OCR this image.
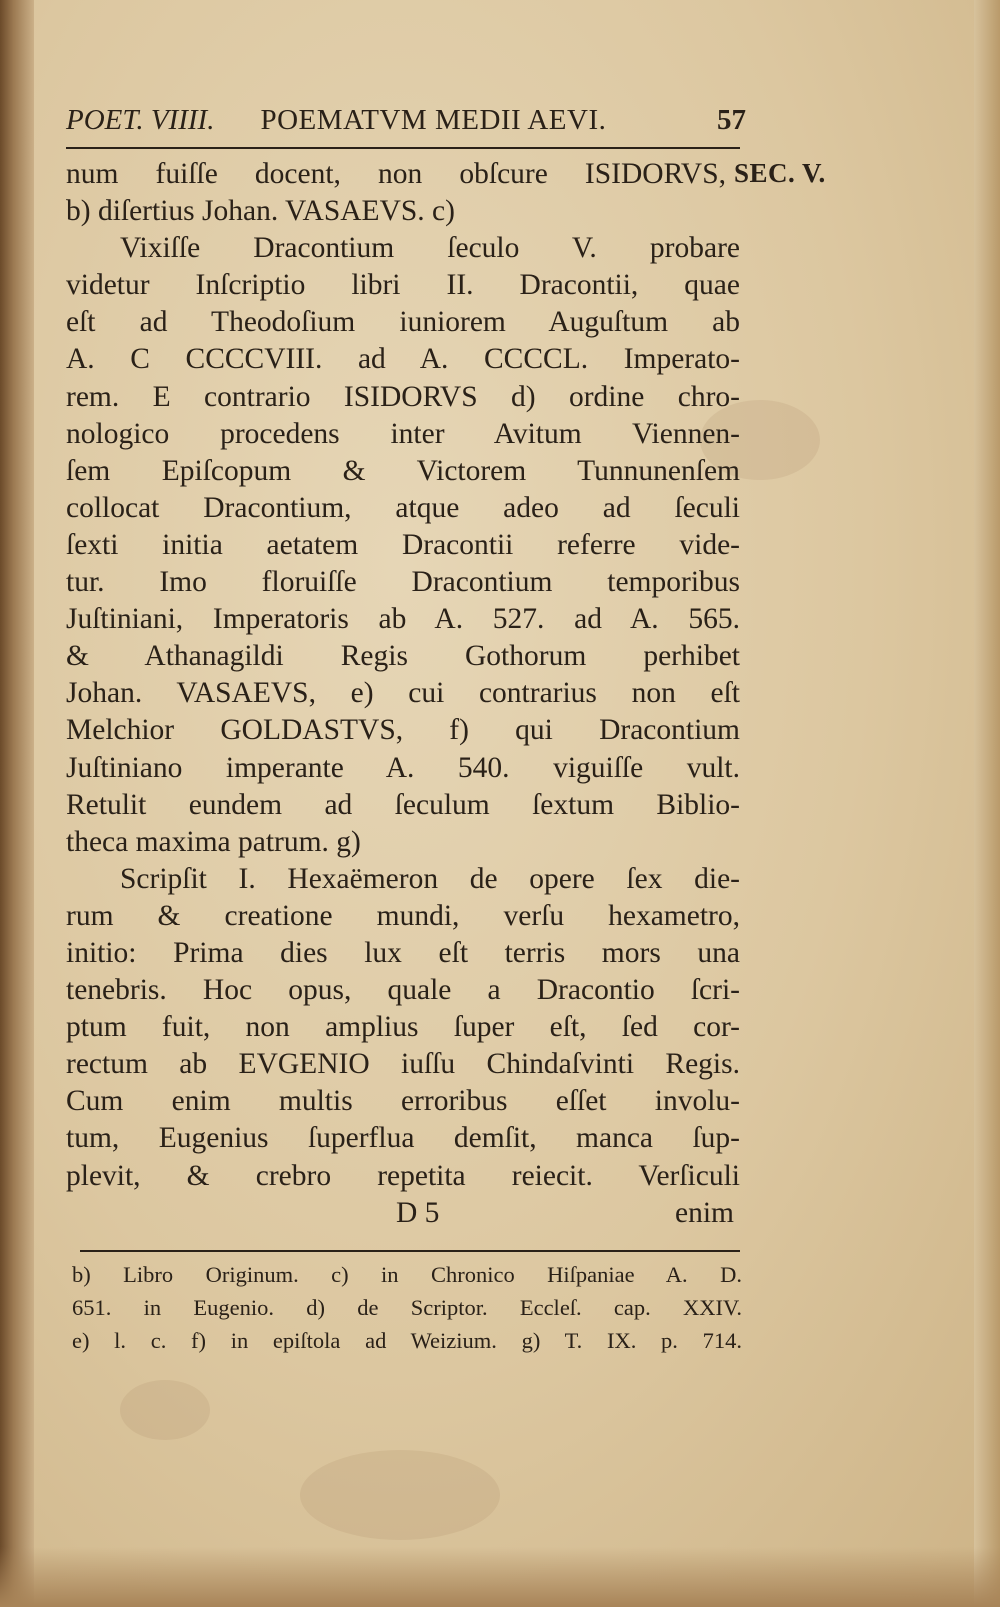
POET. VIIII. POEMATVM MEDII AEVI.	57
SEC. V.
num fuiſſe docent, non obſcure ISIDORVS,
b) diſertius Johan. VASAEVS. c)
Vixiſſe Dracontium ſeculo V. probare
videtur Inſcriptio libri II. Dracontii, quae
eſt ad Theodoſium iuniorem Auguſtum ab
A. C CCCCVIII. ad A. CCCCL. Imperato-
rem. E contrario ISIDORVS d) ordine chro-
nologico procedens inter Avitum Viennen-
ſem Epiſcopum & Victorem Tunnunenſem
collocat Dracontium, atque adeo ad ſeculi
ſexti initia aetatem Dracontii referre vide-
tur. Imo floruiſſe Dracontium temporibus
Juſtiniani, Imperatoris ab A. 527. ad A. 565.
& Athanagildi Regis Gothorum perhibet
Johan. VASAEVS, e) cui contrarius non eſt
Melchior GOLDASTVS, f) qui Dracontium
Juſtiniano imperante A. 540. viguiſſe vult.
Retulit eundem ad ſeculum ſextum Biblio-
theca maxima patrum. g)
Scripſit I. Hexaëmeron de opere ſex die-
rum & creatione mundi, verſu hexametro,
initio: Prima dies lux eſt terris mors una
tenebris. Hoc opus, quale a Dracontio ſcri-
ptum fuit, non amplius ſuper eſt, ſed cor-
rectum ab EVGENIO iuſſu Chindaſvinti Regis.
Cum enim multis erroribus eſſet involu-
tum, Eugenius ſuperflua demſit, manca ſup-
plevit, & crebro repetita reiecit. Verſiculi
D 5	enim
b) Libro Originum. c) in Chronico Hiſpaniae A. D.
651. in Eugenio. d) de Scriptor. Eccleſ. cap. XXIV.
e) l. c. f) in epiſtola ad Weizium. g) T. IX. p. 714.
